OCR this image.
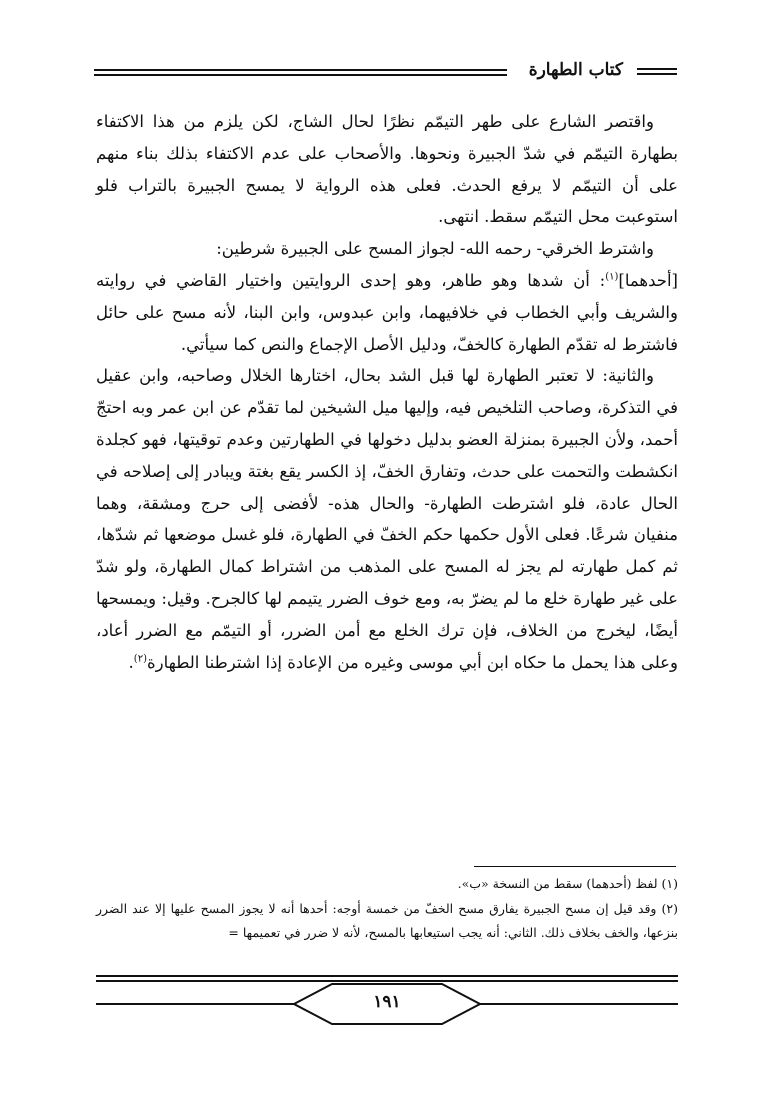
كتاب الطهارة

واقتصر الشارع على طهر التيمّم نظرًا لحال الشاج، لكن يلزم من هذا الاكتفاء بطهارة التيمّم في شدّ الجبيرة ونحوها. والأصحاب على عدم الاكتفاء بذلك بناء منهم على أن التيمّم لا يرفع الحدث. فعلى هذه الرواية لا يمسح الجبيرة بالتراب فلو استوعبت محل التيمّم سقط. انتهى.

واشترط الخرقي- رحمه الله- لجواز المسح على الجبيرة شرطين:

[أحدهما]$^{(١)}$: أن شدها وهو طاهر، وهو إحدى الروايتين واختيار القاضي في روايته والشريف وأبي الخطاب في خلافيهما، وابن عبدوس، وابن البنا، لأنه مسح على حائل فاشترط له تقدّم الطهارة كالخفّ، ودليل الأصل الإجماع والنص كما سيأتي.

والثانية: لا تعتبر الطهارة لها قبل الشد بحال، اختارها الخلال وصاحبه، وابن عقيل في التذكرة، وصاحب التلخيص فيه، وإليها ميل الشيخين لما تقدّم عن ابن عمر وبه احتجّ أحمد، ولأن الجبيرة بمنزلة العضو بدليل دخولها في الطهارتين وعدم توقيتها، فهو كجلدة انكشطت والتحمت على حدث، وتفارق الخفّ، إذ الكسر يقع بغتة ويبادر إلى إصلاحه في الحال عادة، فلو اشترطت الطهارة- والحال هذه- لأفضى إلى حرج ومشقة، وهما منفيان شرعًا. فعلى الأول حكمها حكم الخفّ في الطهارة، فلو غسل موضعها ثم شدّها، ثم كمل طهارته لم يجز له المسح على المذهب من اشتراط كمال الطهارة، ولو شدّ على غير طهارة خلع ما لم يضرّ به، ومع خوف الضرر يتيمم لها كالجرح. وقيل: ويمسحها أيضًا، ليخرج من الخلاف، فإن ترك الخلع مع أمن الضرر، أو التيمّم مع الضرر أعاد، وعلى هذا يحمل ما حكاه ابن أبي موسى وغيره من الإعادة إذا اشترطنا الطهارة$^{(٢)}$.

(١) لفظ (أحدهما) سقط من النسخة «ب».

(٢) وقد قيل إن مسح الجبيرة يفارق مسح الخفّ من خمسة أوجه: أحدها أنه لا يجوز المسح عليها إلا عند الضرر بنزعها، والخف بخلاف ذلك. الثاني: أنه يجب استيعابها بالمسح، لأنه لا ضرر في تعميمها =

١٩١
